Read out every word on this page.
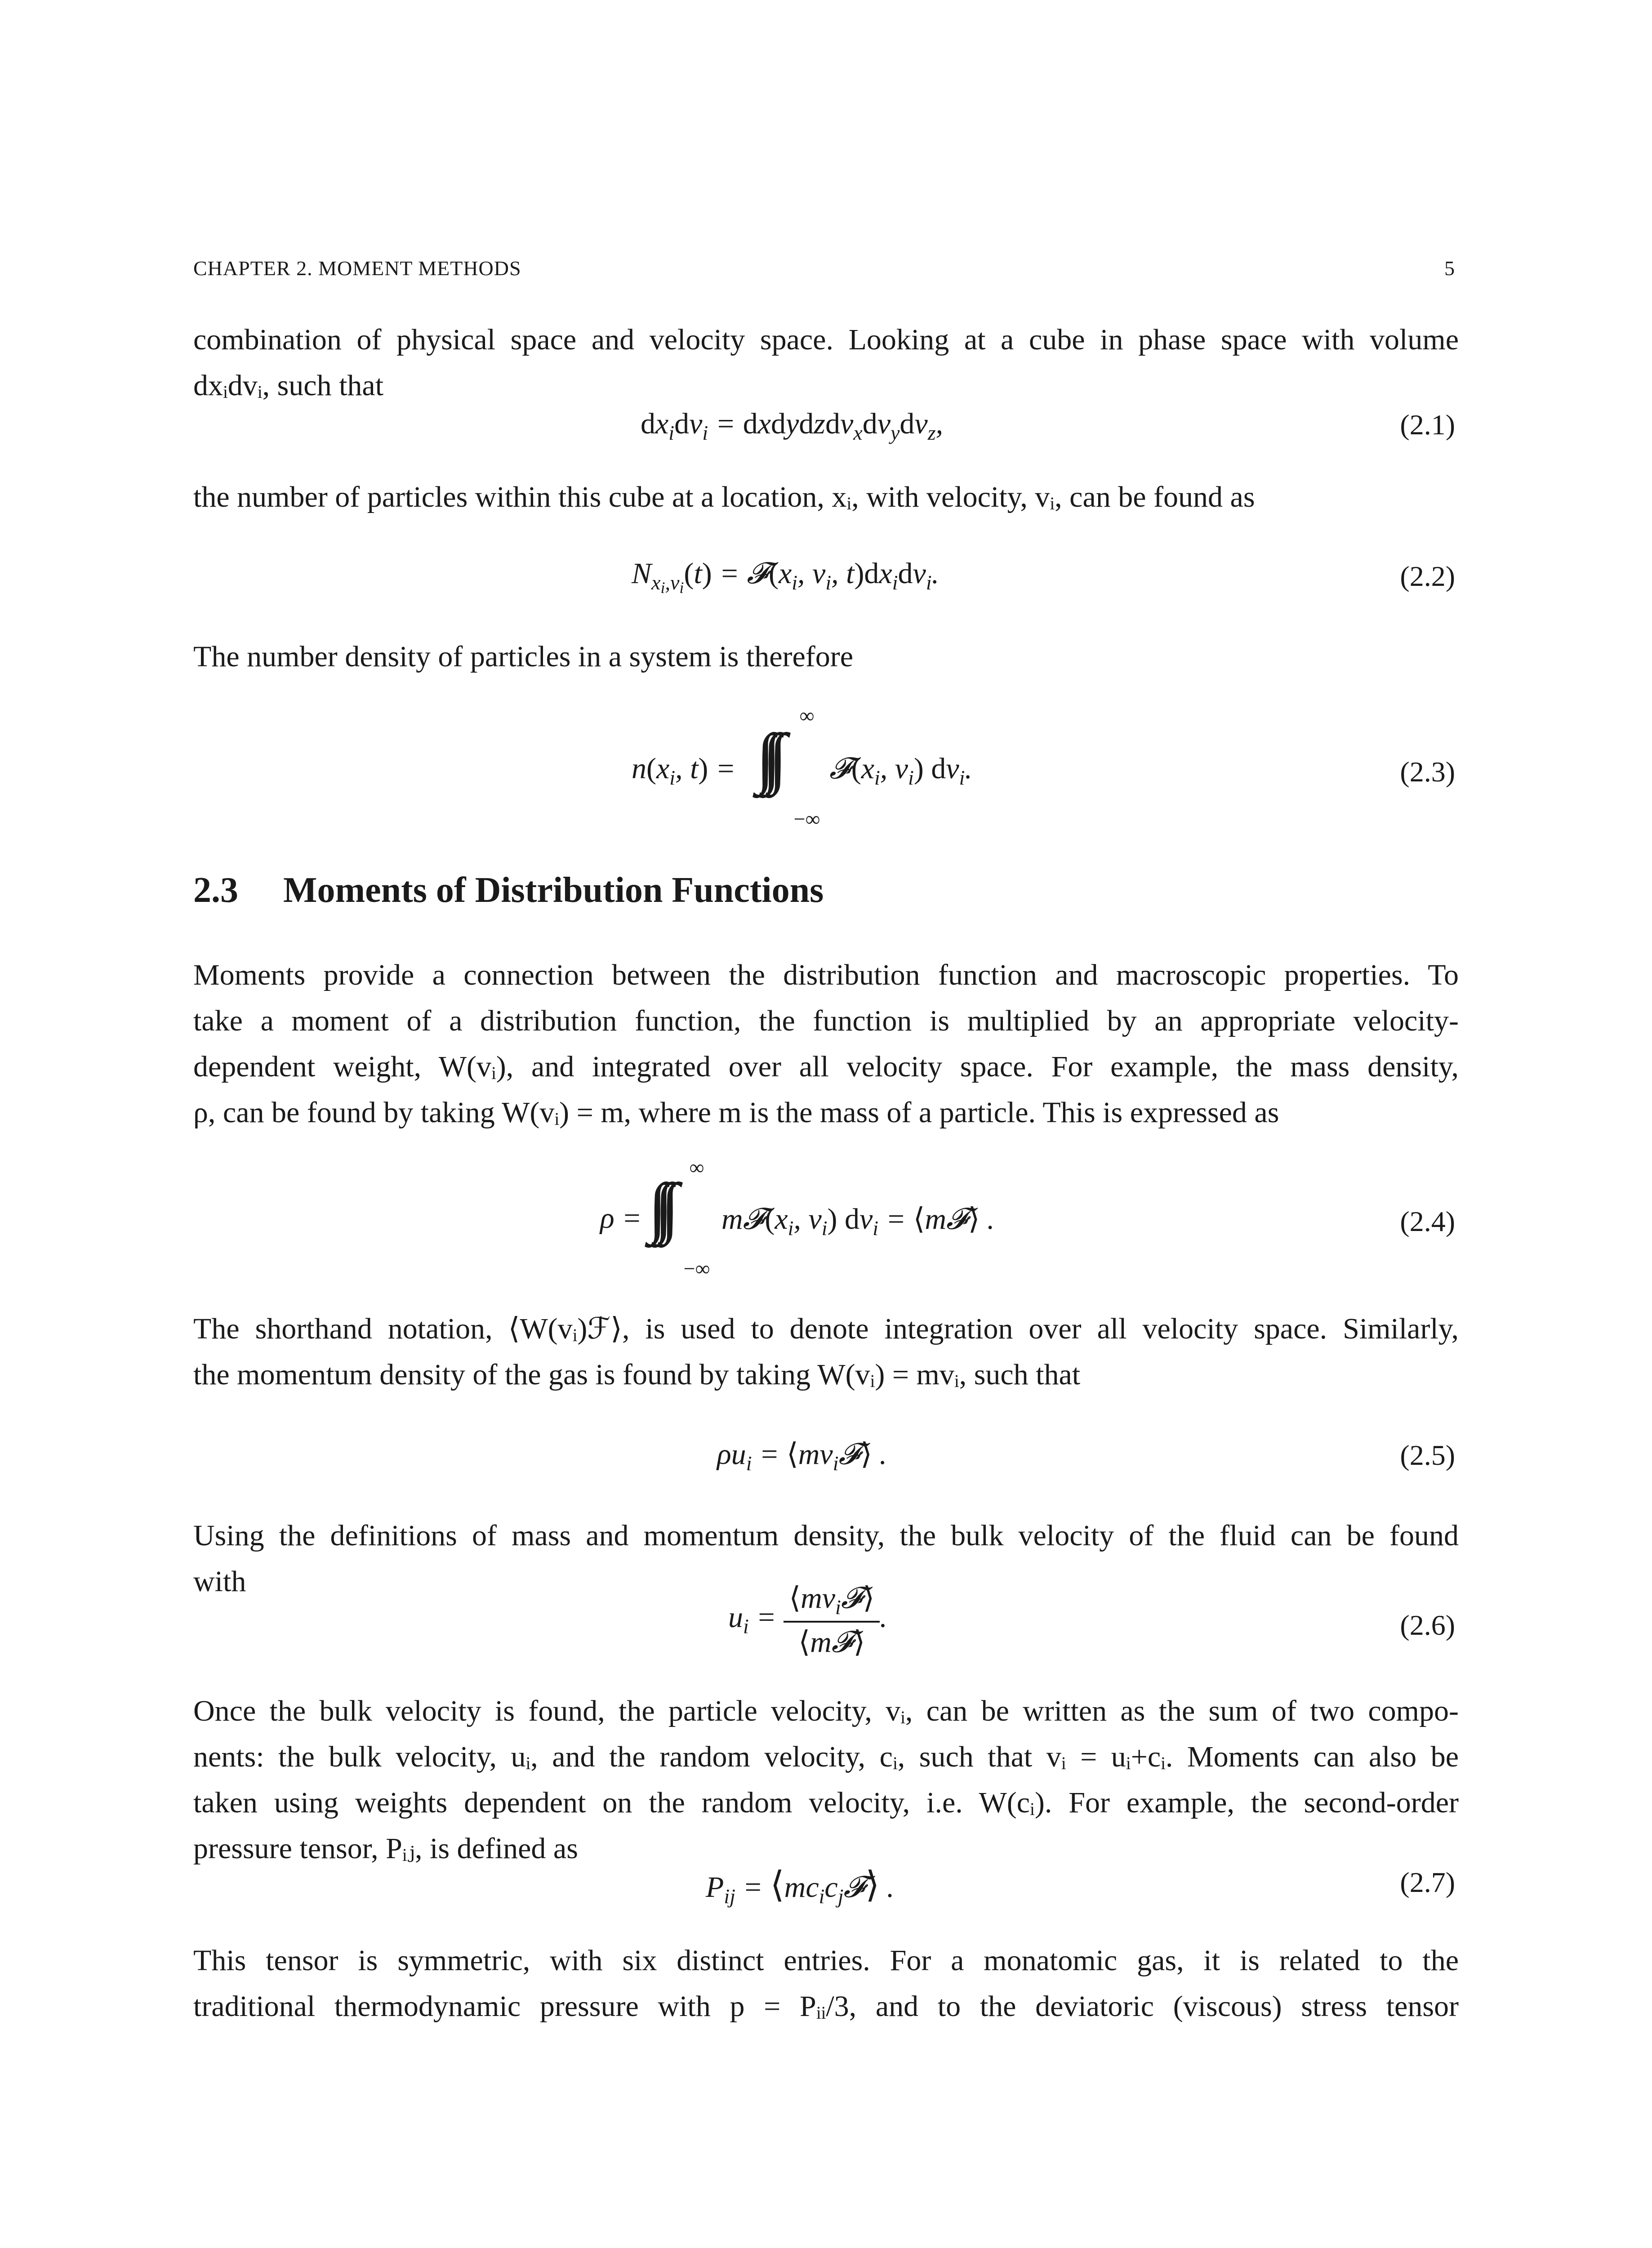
CHAPTER 2. MOMENT METHODS	5
combination of physical space and velocity space. Looking at a cube in phase space with volume
dxᵢdvᵢ, such that
$dx_idv_i$ = $dxdydzdv_xdv_ydv_z$,	(2.1)
the number of particles within this cube at a location, xᵢ, with velocity, vᵢ, can be found as
$N_{xi,vi}(t)$ = $𝓕(x_i$, $v_i$, $t)dx_idv_i$.	(2.2)
The number density of particles in a system is therefore
∞
$n(x_i$, t) =	$𝓕(x_i$, $v_i$) $dv_i$.
−∞
(2.3)
2.3 Moments of Distribution Functions
Moments provide a connection between the distribution function and macroscopic properties. To
take a moment of a distribution function, the function is multiplied by an appropriate velocity-
dependent weight, W(vᵢ), and integrated over all velocity space. For example, the mass density,
ρ, can be found by taking W(vᵢ) = m, where m is the mass of a particle. This is expressed as
∞
ρ =	$m𝓕(x_i$, $v_i$) $dv_i$ = ⟨m𝓕⟩ .
−∞
(2.4)
The shorthand notation, ⟨W(vᵢ)ℱ⟩, is used to denote integration over all velocity space. Similarly,
the momentum density of the gas is found by taking W(vᵢ) = mvᵢ, such that
$\rho u_i$ = $⟨mv_i𝓕⟩$ .	(2.5)
Using the definitions of mass and momentum density, the bulk velocity of the fluid can be found
with
$u_i = \frac{⟨mv_i𝓕⟩}{\text{⟨m𝓕⟩}}$ .	(2.6)
Once the bulk velocity is found, the particle velocity, vᵢ, can be written as the sum of two compo-
nents: the bulk velocity, uᵢ, and the random velocity, cᵢ, such that vᵢ = uᵢ+cᵢ. Moments can also be
taken using weights dependent on the random velocity, i.e. W(cᵢ). For example, the second-order
pressure tensor, Pᵢⱼ, is defined as
$P_{ij}$ = $⟨mc_ic_j𝓕⟩$ .	(2.7)
This tensor is symmetric, with six distinct entries. For a monatomic gas, it is related to the
traditional thermodynamic pressure with p = Pᵢᵢ/3, and to the deviatoric (viscous) stress tensor
